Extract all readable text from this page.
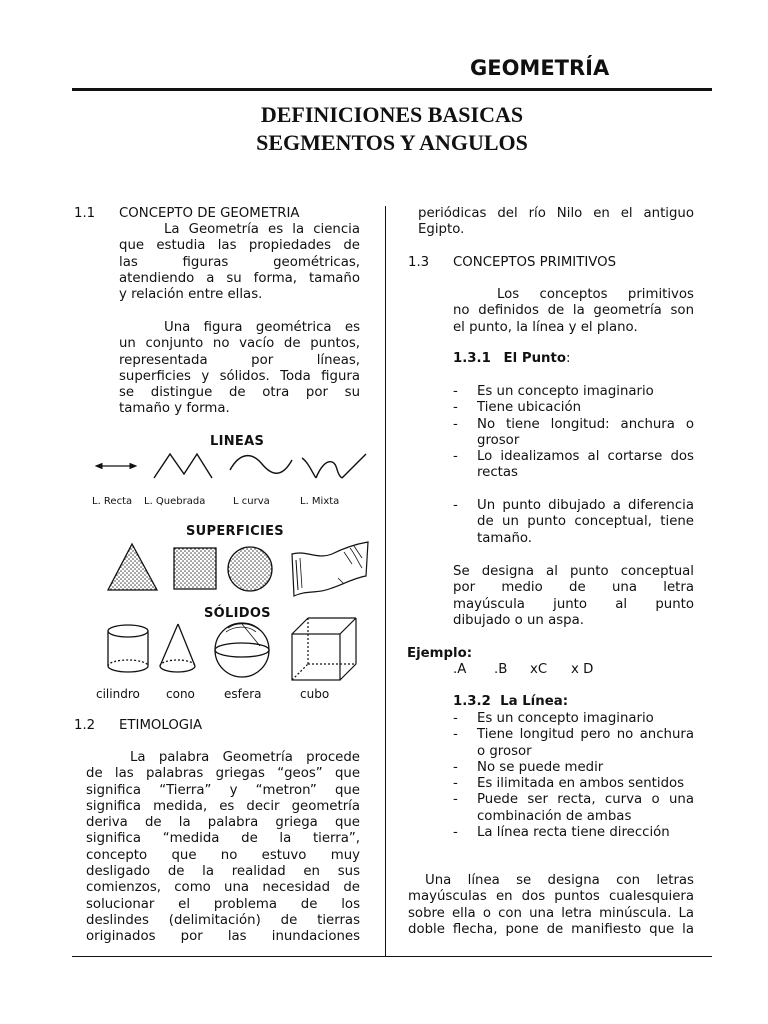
GEOMETRÍA
DEFINICIONES BASICAS
SEGMENTOS Y ANGULOS
1.1 CONCEPTO DE GEOMETRIA
La Geometría es la ciencia
que estudia las propiedades de
las figuras geométricas,
atendiendo a su forma, tamaño
y relación entre ellas.
Una figura geométrica es
un conjunto no vacío de puntos,
representada por líneas,
superficies y sólidos. Toda figura
se distingue de otra por su
tamaño y forma.
LINEAS
L. Recta L. Quebrada	L curva	L. Mixta
SUPERFICIES
SÓLIDOS
cilindro cono esfera	cubo
1.2 ETIMOLOGIA
La palabra Geometría procede
de las palabras griegas “geos” que
significa “Tierra” y “metron” que
significa medida, es decir geometría
deriva de la palabra griega que
significa “medida de la tierra”,
concepto que no estuvo muy
desligado de la realidad en sus
comienzos, como una necesidad de
solucionar el problema de los
deslindes (delimitación) de tierras
originados por las inundaciones
periódicas del río Nilo en el antiguo
Egipto.
1.3 CONCEPTOS PRIMITIVOS
Los conceptos primitivos
no definidos de la geometría son
el punto, la línea y el plano.
1.3.1 El Punto:
- Es un concepto imaginario
- Tiene ubicación
- No tiene longitud: anchura o grosor
- Lo idealizamos al cortarse dos rectas
- Un punto dibujado a diferencia de un punto conceptual, tiene tamaño.
Se designa al punto conceptual
por medio de una letra
mayúscula junto al punto
dibujado o un aspa.
Ejemplo:
.A .B xC x D
1.3.2 La Línea:
- Es un concepto imaginario
- Tiene longitud pero no anchura o grosor
- No se puede medir
- Es ilimitada en ambos sentidos
- Puede ser recta, curva o una combinación de ambas
- La línea recta tiene dirección
Una línea se designa con letras
mayúsculas en dos puntos cualesquiera
sobre ella o con una letra minúscula. La
doble flecha, pone de manifiesto que la
